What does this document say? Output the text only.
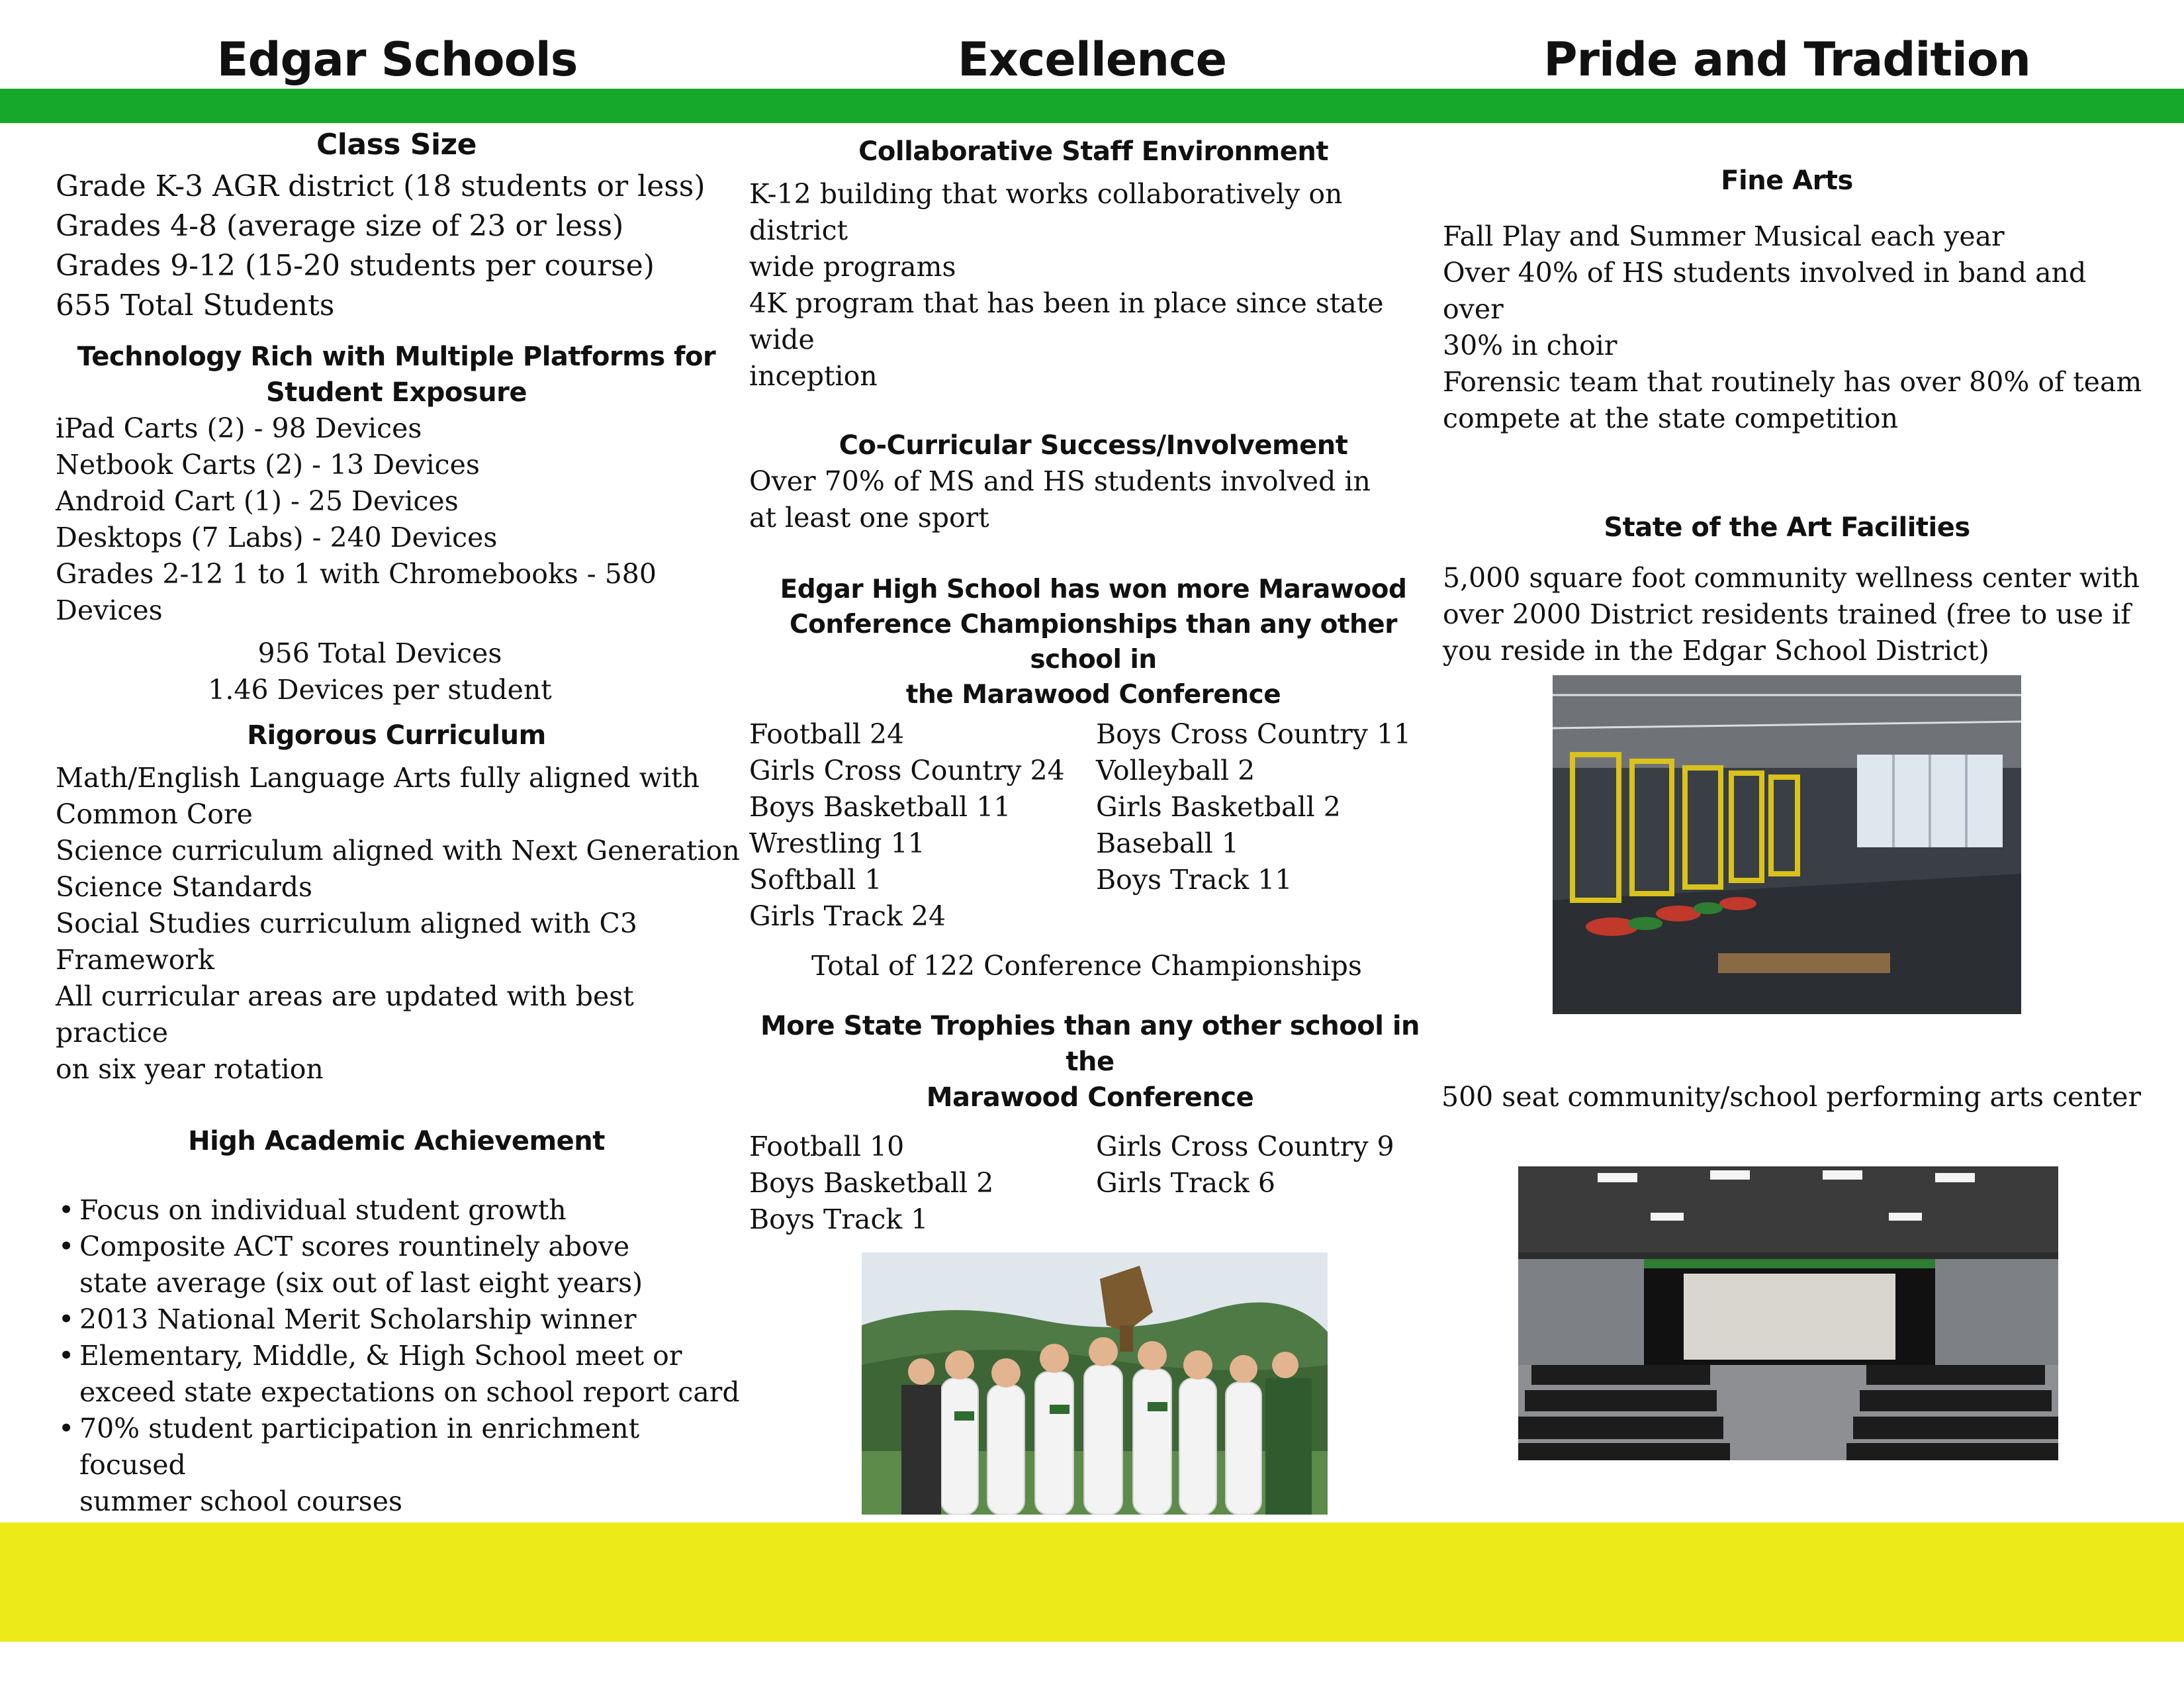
Edgar Schools	Excellence	Pride and Tradition
Class Size
Grade K-3 AGR district (18 students or less)
Grades 4-8 (average size of 23 or less)
Grades 9-12 (15-20 students per course)
655 Total Students
Technology Rich with Multiple Platforms for
Student Exposure
iPad Carts (2) - 98 Devices
Netbook Carts (2) - 13 Devices
Android Cart (1) - 25 Devices
Desktops (7 Labs) - 240 Devices
Grades 2-12 1 to 1 with Chromebooks - 580 Devices
956 Total Devices
1.46 Devices per student
Rigorous Curriculum
Math/English Language Arts fully aligned with
Common Core
Science curriculum aligned with Next Generation
Science Standards
Social Studies curriculum aligned with C3
Framework
All curricular areas are updated with best practice
on six year rotation
High Academic Achievement
• Focus on individual student growth
• Composite ACT scores rountinely above
state average (six out of last eight years)
• 2013 National Merit Scholarship winner
• Elementary, Middle, & High School meet or
exceed state expectations on school report card
• 70% student participation in enrichment focused
summer school courses
Collaborative Staff Environment
K-12 building that works collaboratively on district
wide programs
4K program that has been in place since state wide
inception
Co-Curricular Success/Involvement
Over 70% of MS and HS students involved in
at least one sport
Edgar High School has won more Marawood
Conference Championships than any other school in
the Marawood Conference
Football 24
Girls Cross Country 24
Boys Basketball 11
Wrestling 11
Softball 1
Girls Track 24
Boys Cross Country 11
Volleyball 2
Girls Basketball 2
Baseball 1
Boys Track 11
Total of 122 Conference Championships
More State Trophies than any other school in the
Marawood Conference
Football 10
Boys Basketball 2
Boys Track 1
Girls Cross Country 9
Girls Track 6
Fine Arts
Fall Play and Summer Musical each year
Over 40% of HS students involved in band and over
30% in choir
Forensic team that routinely has over 80% of team
compete at the state competition
State of the Art Facilities
5,000 square foot community wellness center with
over 2000 District residents trained (free to use if
you reside in the Edgar School District)
500 seat community/school performing arts center
